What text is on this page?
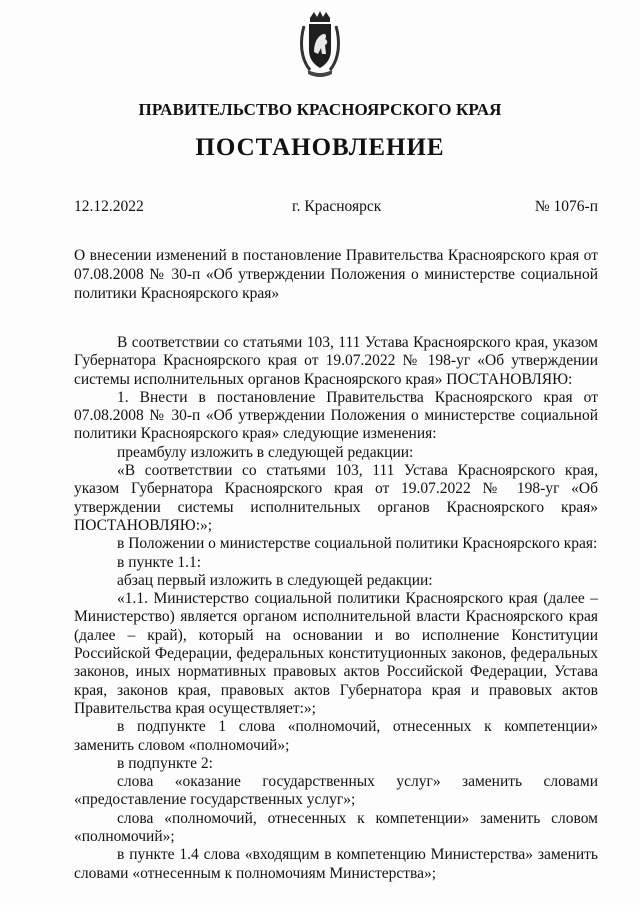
ПРАВИТЕЛЬСТВО КРАСНОЯРСКОГО КРАЯ
ПОСТАНОВЛЕНИЕ
12.12.2022	г. Красноярск	№ 1076-п
О внесении изменений в постановление Правительства Красноярского края от 07.08.2008 № 30-п «Об утверждении Положения о министерстве социальной политики Красноярского края»

В соответствии со статьями 103, 111 Устава Красноярского края, указом Губернатора Красноярского края от 19.07.2022 № 198-уг «Об утверждении системы исполнительных органов Красноярского края» ПОСТАНОВЛЯЮ:

1. Внести в постановление Правительства Красноярского края от 07.08.2008 № 30-п «Об утверждении Положения о министерстве социальной политики Красноярского края» следующие изменения:

преамбулу изложить в следующей редакции:

«В соответствии со статьями 103, 111 Устава Красноярского края, указом Губернатора Красноярского края от 19.07.2022 № 198-уг «Об утверждении системы исполнительных органов Красноярского края» ПОСТАНОВЛЯЮ:»;

в Положении о министерстве социальной политики Красноярского края:

в пункте 1.1:

абзац первый изложить в следующей редакции:

«1.1. Министерство социальной политики Красноярского края (далее – Министерство) является органом исполнительной власти Красноярского края (далее – край), который на основании и во исполнение Конституции Российской Федерации, федеральных конституционных законов, федеральных законов, иных нормативных правовых актов Российской Федерации, Устава края, законов края, правовых актов Губернатора края и правовых актов Правительства края осуществляет:»;

в подпункте 1 слова «полномочий, отнесенных к компетенции» заменить словом «полномочий»;

в подпункте 2:

слова «оказание государственных услуг» заменить словами «предоставление государственных услуг»;

слова «полномочий, отнесенных к компетенции» заменить словом «полномочий»;

в пункте 1.4 слова «входящим в компетенцию Министерства» заменить словами «отнесенным к полномочиям Министерства»;
